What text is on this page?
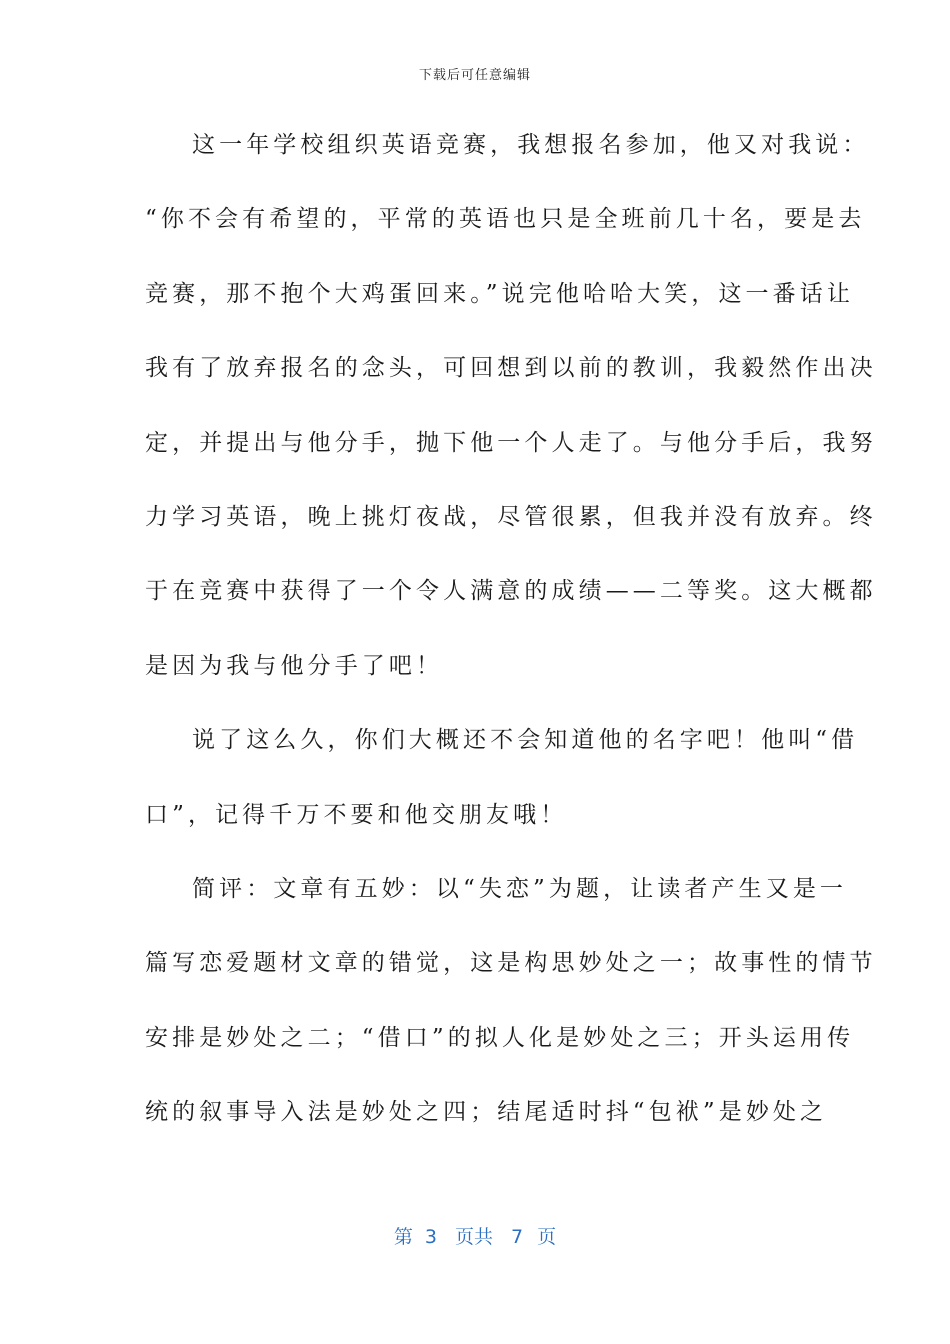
下载后可任意编辑
这一年学校组织英语竞赛，我想报名参加，他又对我说：
“你不会有希望的，平常的英语也只是全班前几十名，要是去
竞赛，那不抱个大鸡蛋回来。”说完他哈哈大笑，这一番话让
我有了放弃报名的念头，可回想到以前的教训，我毅然作出决
定，并提出与他分手，抛下他一个人走了。与他分手后，我努
力学习英语，晚上挑灯夜战，尽管很累，但我并没有放弃。终
于在竞赛中获得了一个令人满意的成绩——二等奖。这大概都
是因为我与他分手了吧！
说了这么久，你们大概还不会知道他的名字吧！他叫“借
口”，记得千万不要和他交朋友哦！
简评：文章有五妙：以“失恋”为题，让读者产生又是一
篇写恋爱题材文章的错觉，这是构思妙处之一；故事性的情节
安排是妙处之二；“借口”的拟人化是妙处之三；开头运用传
统的叙事导入法是妙处之四；结尾适时抖“包袱”是妙处之
第 3 页共 7 页
